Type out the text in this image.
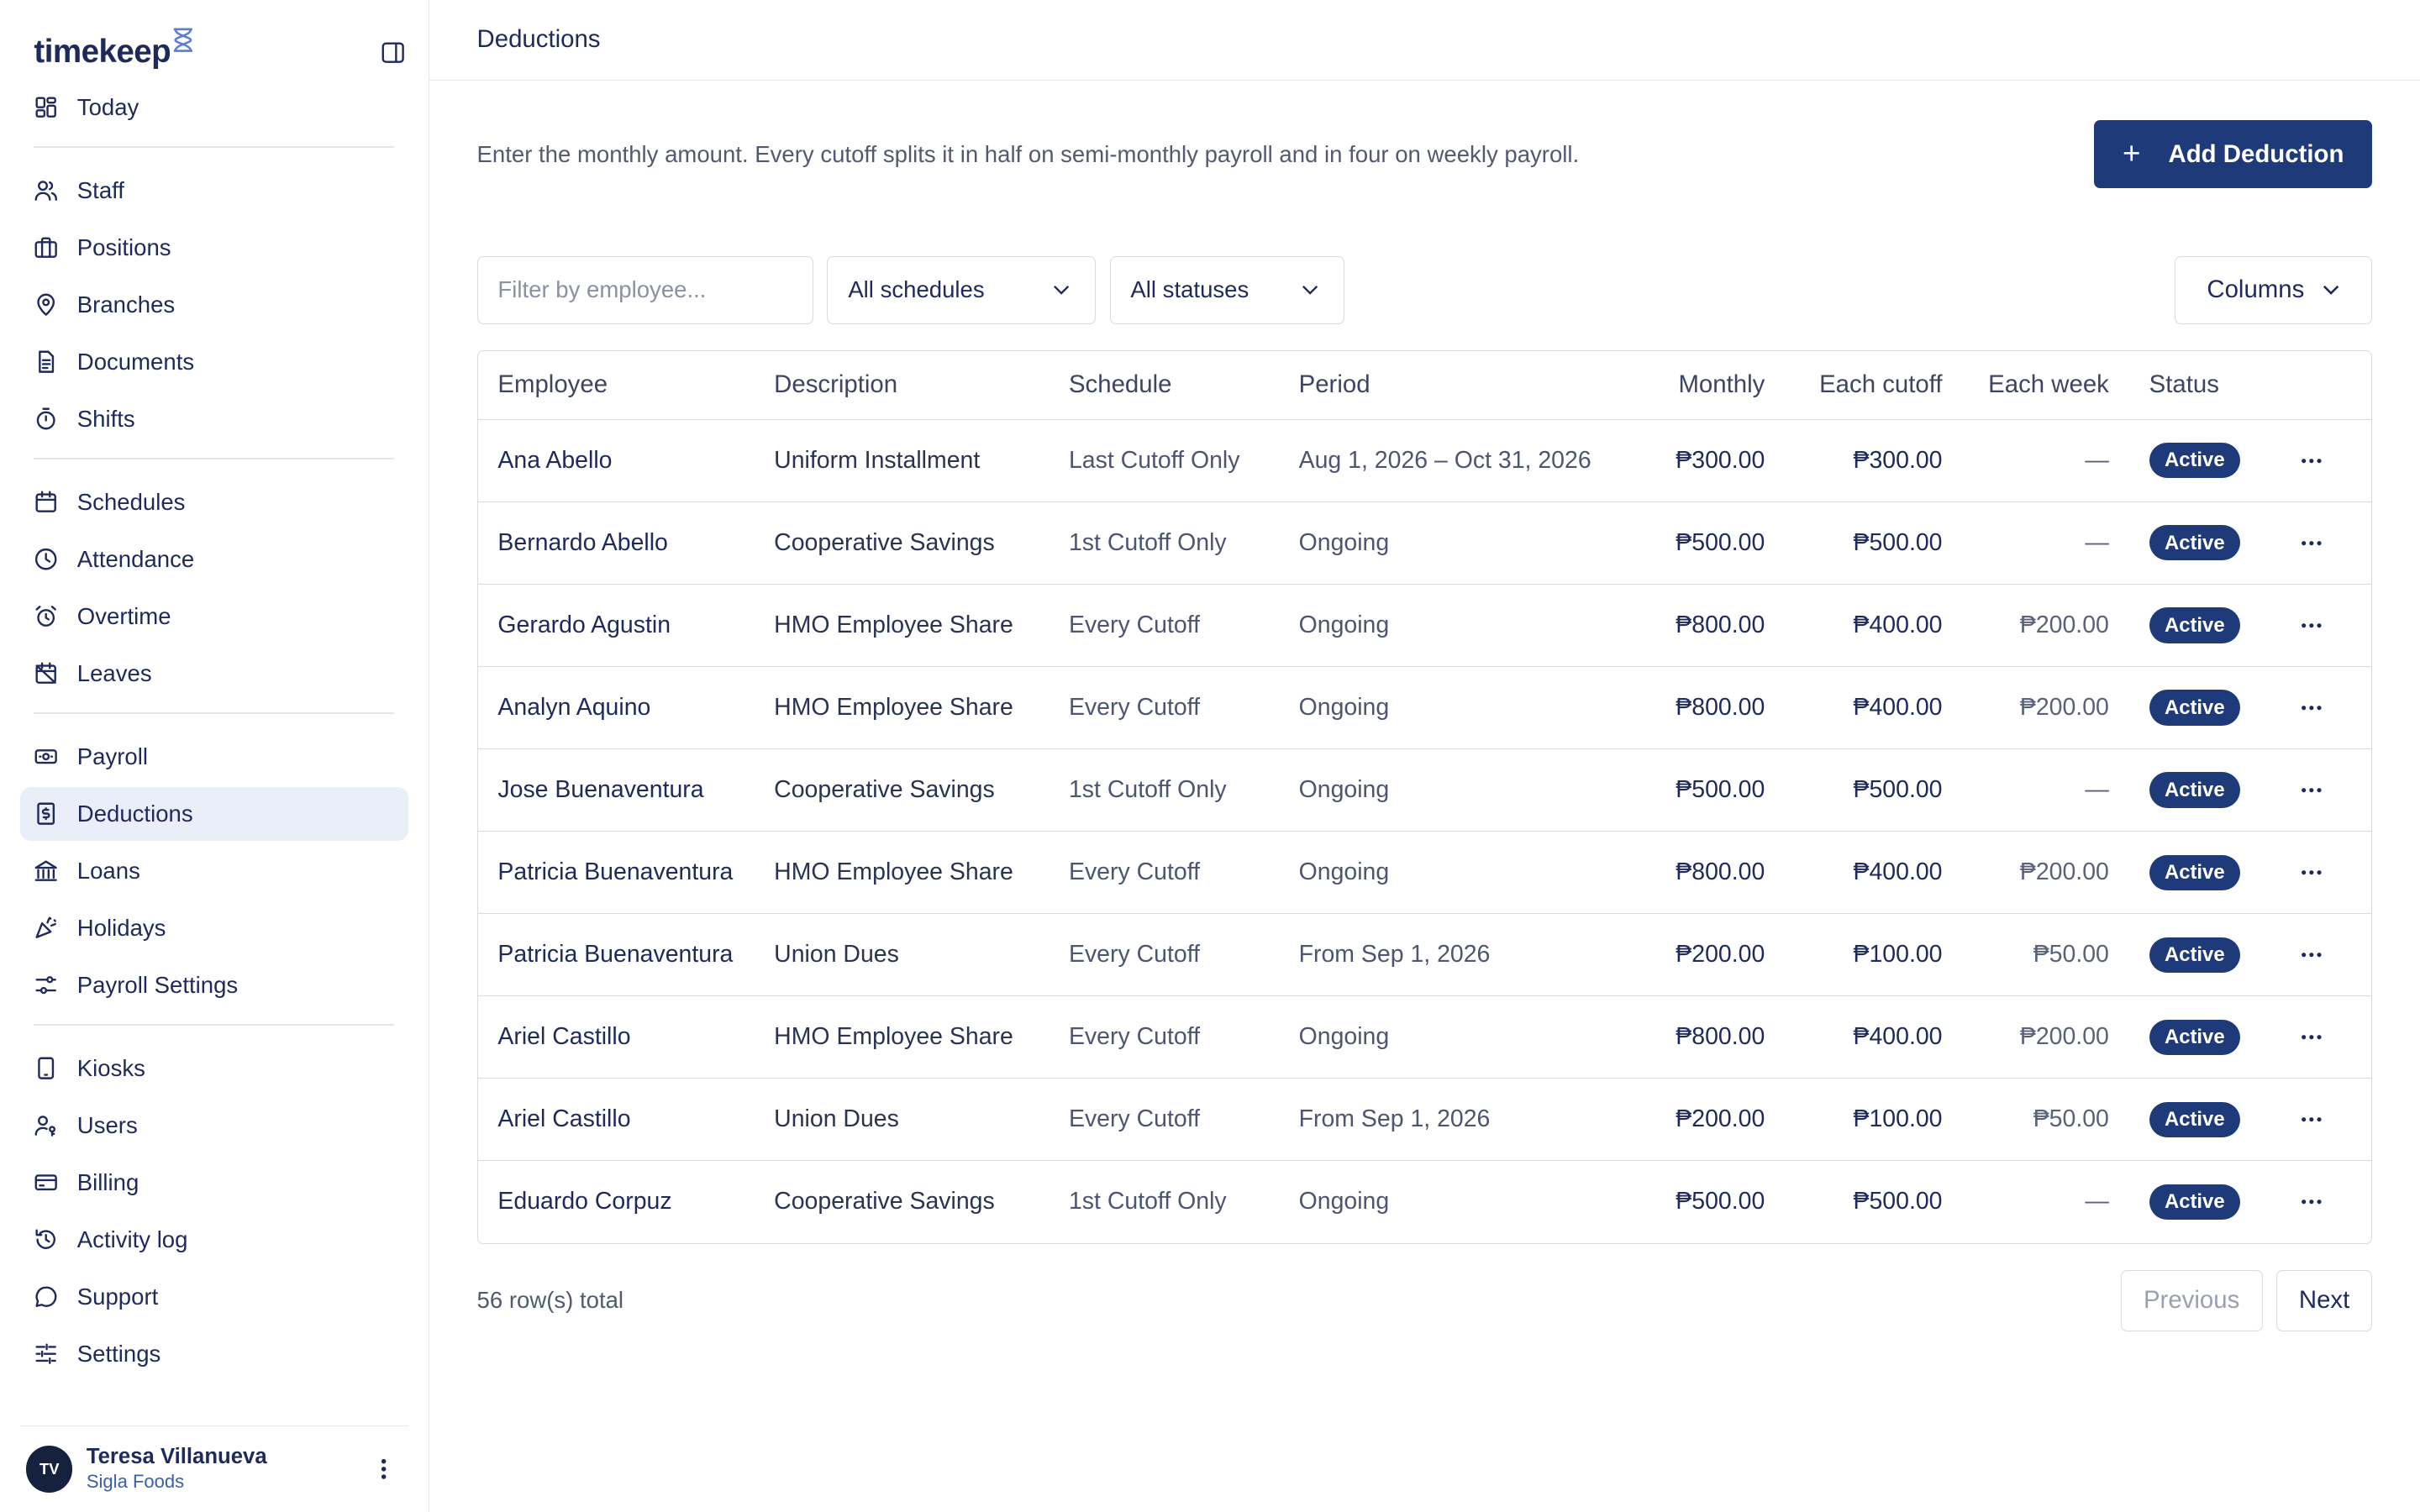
timekeep
Today
Staff
Positions
Branches
Documents
Shifts
Schedules
Attendance
Overtime
Leaves
Payroll
Deductions
Loans
Holidays
Payroll Settings
Kiosks
Users
Billing
Activity log
Support
Settings
TV
Teresa Villanueva
Sigla Foods
Deductions
Enter the monthly amount. Every cutoff splits it in half on semi-monthly payroll and in four on weekly payroll.	+ Add Deduction
Filter by employee...	All schedules	All statuses	Columns
Employee	Description	Schedule	Period	Monthly	Each cutoff	Each week	Status
Ana Abello	Uniform Installment	Last Cutoff Only	Aug 1, 2026 – Oct 31, 2026	₱300.00	₱300.00	—	Active
Bernardo Abello	Cooperative Savings	1st Cutoff Only	Ongoing	₱500.00	₱500.00	—	Active
Gerardo Agustin	HMO Employee Share	Every Cutoff	Ongoing	₱800.00	₱400.00	₱200.00	Active
Analyn Aquino	HMO Employee Share	Every Cutoff	Ongoing	₱800.00	₱400.00	₱200.00	Active
Jose Buenaventura	Cooperative Savings	1st Cutoff Only	Ongoing	₱500.00	₱500.00	—	Active
Patricia Buenaventura	HMO Employee Share	Every Cutoff	Ongoing	₱800.00	₱400.00	₱200.00	Active
Patricia Buenaventura	Union Dues	Every Cutoff	From Sep 1, 2026	₱200.00	₱100.00	₱50.00	Active
Ariel Castillo	HMO Employee Share	Every Cutoff	Ongoing	₱800.00	₱400.00	₱200.00	Active
Ariel Castillo	Union Dues	Every Cutoff	From Sep 1, 2026	₱200.00	₱100.00	₱50.00	Active
Eduardo Corpuz	Cooperative Savings	1st Cutoff Only	Ongoing	₱500.00	₱500.00	—	Active
56 row(s) total	Previous	Next
